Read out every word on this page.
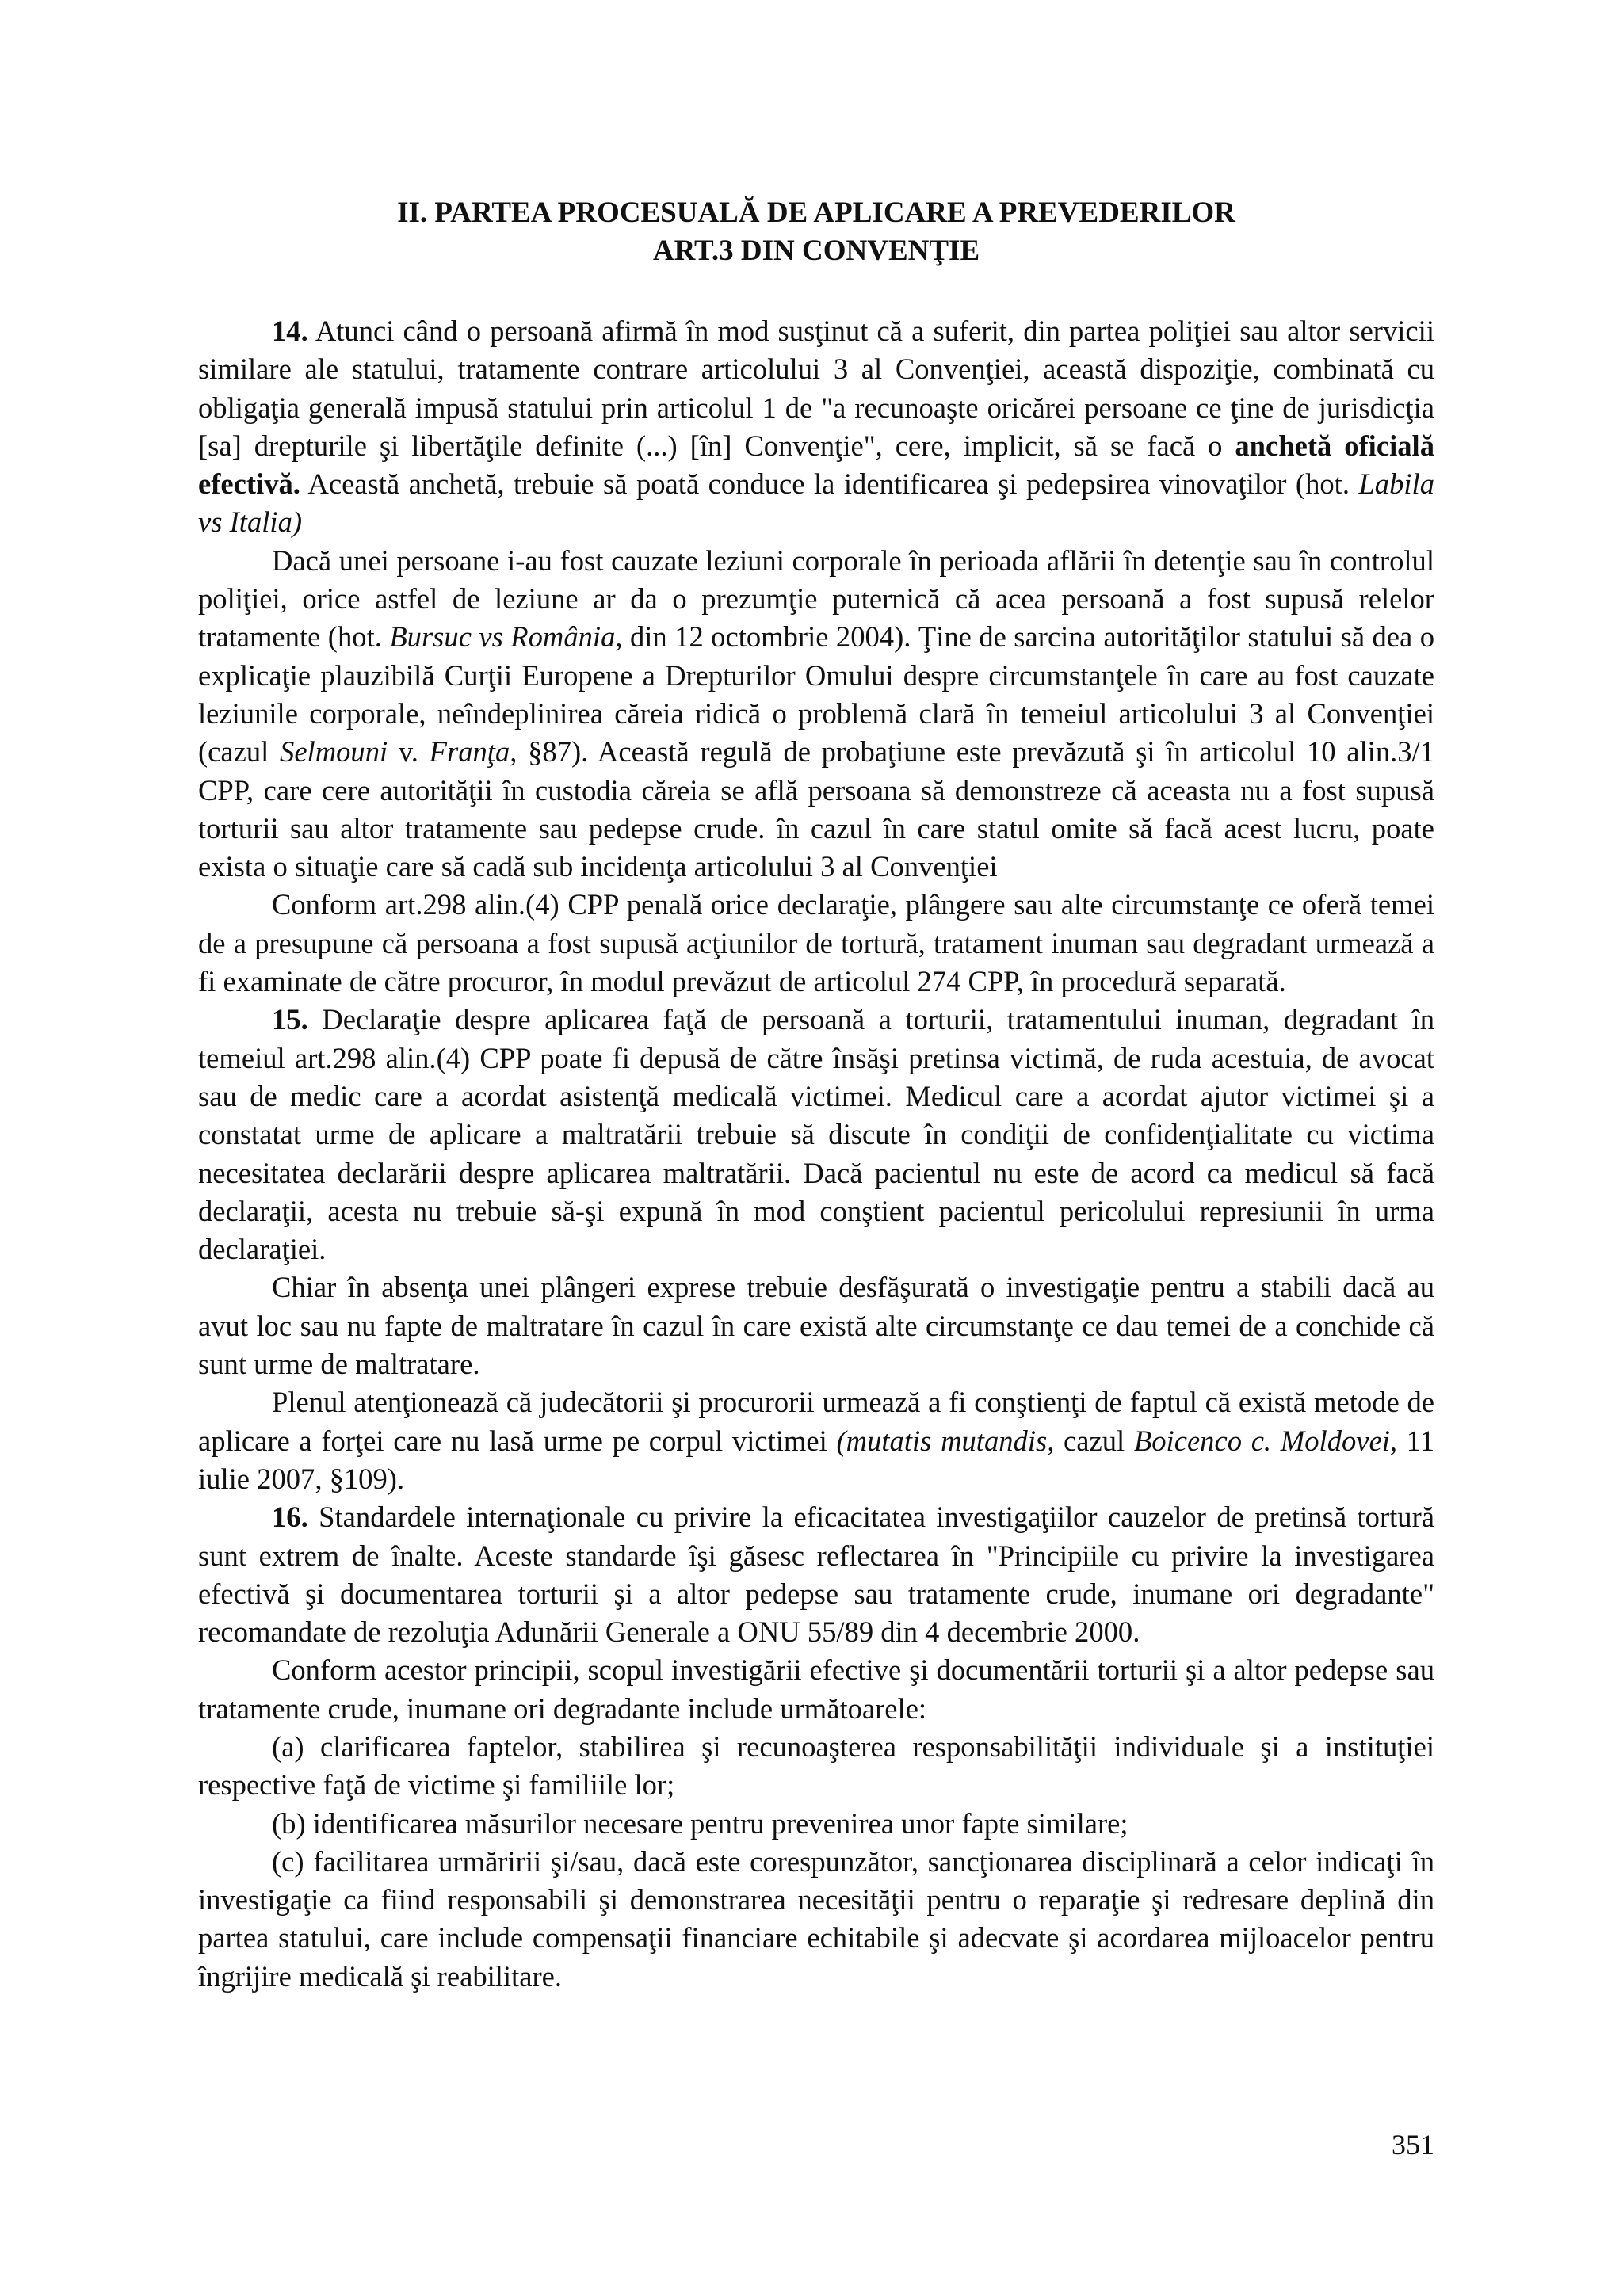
II. PARTEA PROCESUALĂ DE APLICARE A PREVEDERILOR
ART.3 DIN CONVENŢIE

14. Atunci când o persoană afirmă în mod susţinut că a suferit, din partea poliţiei sau altor servicii similare ale statului, tratamente contrare articolului 3 al Convenţiei, această dispoziţie, combinată cu obligaţia generală impusă statului prin articolul 1 de "a recunoaşte oricărei persoane ce ţine de jurisdicţia [sa] drepturile şi libertăţile definite (...) [în] Convenţie", cere, implicit, să se facă o anchetă oficială efectivă. Această anchetă, trebuie să poată conduce la identificarea şi pedepsirea vinovaţilor (hot. Labila vs Italia)

Dacă unei persoane i-au fost cauzate leziuni corporale în perioada aflării în detenţie sau în controlul poliţiei, orice astfel de leziune ar da o prezumţie puternică că acea persoană a fost supusă relelor tratamente (hot. Bursuc vs România, din 12 octombrie 2004). Ţine de sarcina autorităţilor statului să dea o explicaţie plauzibilă Curţii Europene a Drepturilor Omului despre circumstanţele în care au fost cauzate leziunile corporale, neîndeplinirea căreia ridică o problemă clară în temeiul articolului 3 al Convenţiei (cazul Selmouni v. Franţa, §87). Această regulă de probaţiune este prevăzută şi în articolul 10 alin.3/1 CPP, care cere autorităţii în custodia căreia se află persoana să demonstreze că aceasta nu a fost supusă torturii sau altor tratamente sau pedepse crude. în cazul în care statul omite să facă acest lucru, poate exista o situaţie care să cadă sub incidenţa articolului 3 al Convenţiei

Conform art.298 alin.(4) CPP penală orice declaraţie, plângere sau alte circumstanţe ce oferă temei de a presupune că persoana a fost supusă acţiunilor de tortură, tratament inuman sau degradant urmează a fi examinate de către procuror, în modul prevăzut de articolul 274 CPP, în procedură separată.

15. Declaraţie despre aplicarea faţă de persoană a torturii, tratamentului inuman, degradant în temeiul art.298 alin.(4) CPP poate fi depusă de către însăşi pretinsa victimă, de ruda acestuia, de avocat sau de medic care a acordat asistenţă medicală victimei. Medicul care a acordat ajutor victimei şi a constatat urme de aplicare a maltratării trebuie să discute în condiţii de confidenţialitate cu victima necesitatea declarării despre aplicarea maltratării. Dacă pacientul nu este de acord ca medicul să facă declaraţii, acesta nu trebuie să-şi expună în mod conştient pacientul pericolului represiunii în urma declaraţiei.

Chiar în absenţa unei plângeri exprese trebuie desfăşurată o investigaţie pentru a stabili dacă au avut loc sau nu fapte de maltratare în cazul în care există alte circumstanţe ce dau temei de a conchide că sunt urme de maltratare.

Plenul atenţionează că judecătorii şi procurorii urmează a fi conştienţi de faptul că există metode de aplicare a forţei care nu lasă urme pe corpul victimei (mutatis mutandis, cazul Boicenco c. Moldovei, 11 iulie 2007, §109).

16. Standardele internaţionale cu privire la eficacitatea investigaţiilor cauzelor de pretinsă tortură sunt extrem de înalte. Aceste standarde îşi găsesc reflectarea în "Principiile cu privire la investigarea efectivă şi documentarea torturii şi a altor pedepse sau tratamente crude, inumane ori degradante" recomandate de rezoluţia Adunării Generale a ONU 55/89 din 4 decembrie 2000.

Conform acestor principii, scopul investigării efective şi documentării torturii şi a altor pedepse sau tratamente crude, inumane ori degradante include următoarele:

(a) clarificarea faptelor, stabilirea şi recunoaşterea responsabilităţii individuale şi a instituţiei respective faţă de victime şi familiile lor;

(b) identificarea măsurilor necesare pentru prevenirea unor fapte similare;

(c) facilitarea urmăririi şi/sau, dacă este corespunzător, sancţionarea disciplinară a celor indicaţi în investigaţie ca fiind responsabili şi demonstrarea necesităţii pentru o reparaţie şi redresare deplină din partea statului, care include compensaţii financiare echitabile şi adecvate şi acordarea mijloacelor pentru îngrijire medicală şi reabilitare.

351
